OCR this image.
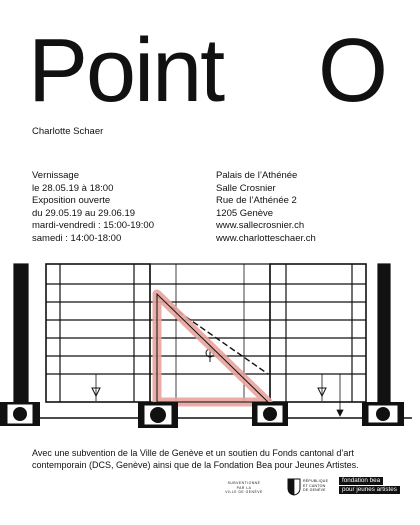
Point O
Charlotte Schaer
Vernissage
le 28.05.19 à 18:00
Exposition ouverte
du 29.05.19 au 29.06.19
mardi-vendredi : 15:00-19:00
samedi : 14:00-18:00
Palais de l’Athénée
Salle Crosnier
Rue de l’Athénée 2
1205 Genève
www.sallecrosnier.ch
www.charlotteschaer.ch
Avec une subvention de la Ville de Genève et un soutien du Fonds cantonal d’art contemporain (DCS, Genève) ainsi que de la Fondation Bea pour Jeunes Artistes.
SUBVENTIONNÉ
PAR LA
VILLE DE GENÈVE
RÉPUBLIQUE
ET CANTON
DE GENÈVE
fondation bea
pour jeunes artistes
